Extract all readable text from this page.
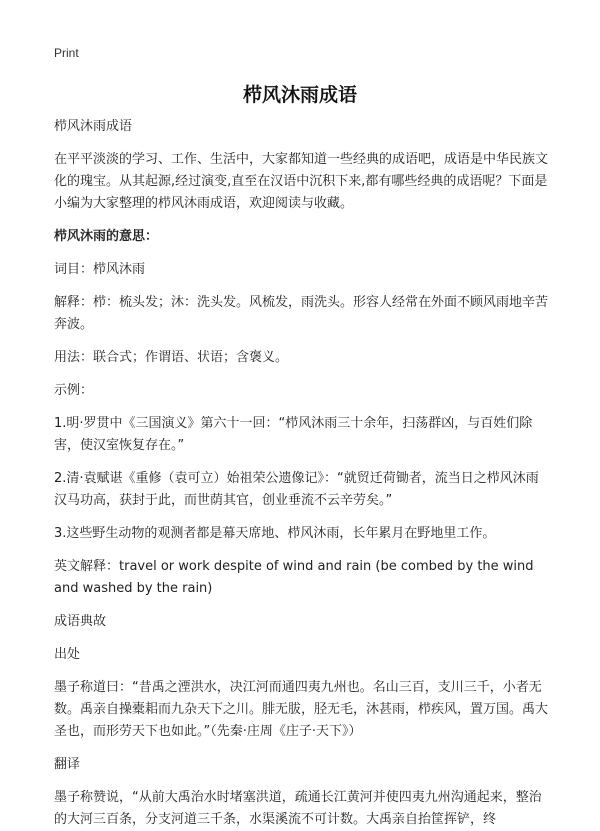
Print
栉风沐雨成语

栉风沐雨成语

在平平淡淡的学习、工作、生活中，大家都知道一些经典的成语吧，成语是中华民族文化的瑰宝。从其起源,经过演变,直至在汉语中沉积下来,都有哪些经典的成语呢？下面是小编为大家整理的栉风沐雨成语，欢迎阅读与收藏。

栉风沐雨的意思：

词目：栉风沐雨

解释：栉：梳头发；沐：洗头发。风梳发，雨洗头。形容人经常在外面不顾风雨地辛苦奔波。

用法：联合式；作谓语、状语；含褒义。

示例：

1.明·罗贯中《三国演义》第六十一回：“栉风沐雨三十余年，扫荡群凶，与百姓们除害，使汉室恢复存在。”

2.清·袁赋谌《重修（袁可立）始祖荣公遗像记》：“就贸迁荷锄者，流当日之栉风沐雨汉马功高，获封于此，而世荫其官，创业垂流不云辛劳矣。”

3.这些野生动物的观测者都是幕天席地、栉风沐雨，长年累月在野地里工作。

英文解释：travel or work despite of wind and rain (be combed by the wind and washed by the rain)

成语典故

出处

墨子称道曰：“昔禹之湮洪水，决江河而通四夷九州也。名山三百，支川三千，小者无数。禹亲自操橐耜而九杂天下之川。腓无胈，胫无毛，沐甚雨，栉疾风，置万国。禹大圣也，而形劳天下也如此。”（先秦·庄周《庄子·天下》）

翻译

墨子称赞说，“从前大禹治水时堵塞洪道，疏通长江黄河并使四夷九州沟通起来，整治的大河三百条，分支河道三千条，水渠溪流不可计数。大禹亲自抬筐挥铲，终
